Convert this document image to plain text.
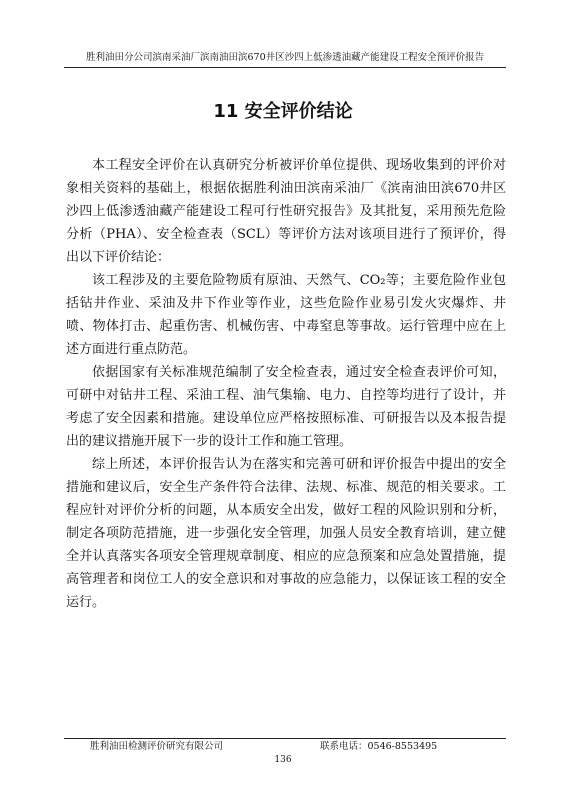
胜利油田分公司滨南采油厂滨南油田滨670井区沙四上低渗透油藏产能建设工程安全预评价报告
11 安全评价结论

本工程安全评价在认真研究分析被评价单位提供、现场收集到的评价对象相关资料的基础上，根据依据胜利油田滨南采油厂《滨南油田滨670井区沙四上低渗透油藏产能建设工程可行性研究报告》及其批复，采用预先危险分析（PHA）、安全检查表（SCL）等评价方法对该项目进行了预评价，得出以下评价结论：

该工程涉及的主要危险物质有原油、天然气、CO₂等；主要危险作业包括钻井作业、采油及井下作业等作业，这些危险作业易引发火灾爆炸、井喷、物体打击、起重伤害、机械伤害、中毒窒息等事故。运行管理中应在上述方面进行重点防范。

依据国家有关标准规范编制了安全检查表，通过安全检查表评价可知，可研中对钻井工程、采油工程、油气集输、电力、自控等均进行了设计，并考虑了安全因素和措施。建设单位应严格按照标准、可研报告以及本报告提出的建议措施开展下一步的设计工作和施工管理。

综上所述，本评价报告认为在落实和完善可研和评价报告中提出的安全措施和建议后，安全生产条件符合法律、法规、标准、规范的相关要求。工程应针对评价分析的问题，从本质安全出发，做好工程的风险识别和分析，制定各项防范措施，进一步强化安全管理，加强人员安全教育培训，建立健全并认真落实各项安全管理规章制度、相应的应急预案和应急处置措施，提高管理者和岗位工人的安全意识和对事故的应急能力，以保证该工程的安全运行。

胜利油田检测评价研究有限公司	联系电话：0546-8553495
136
